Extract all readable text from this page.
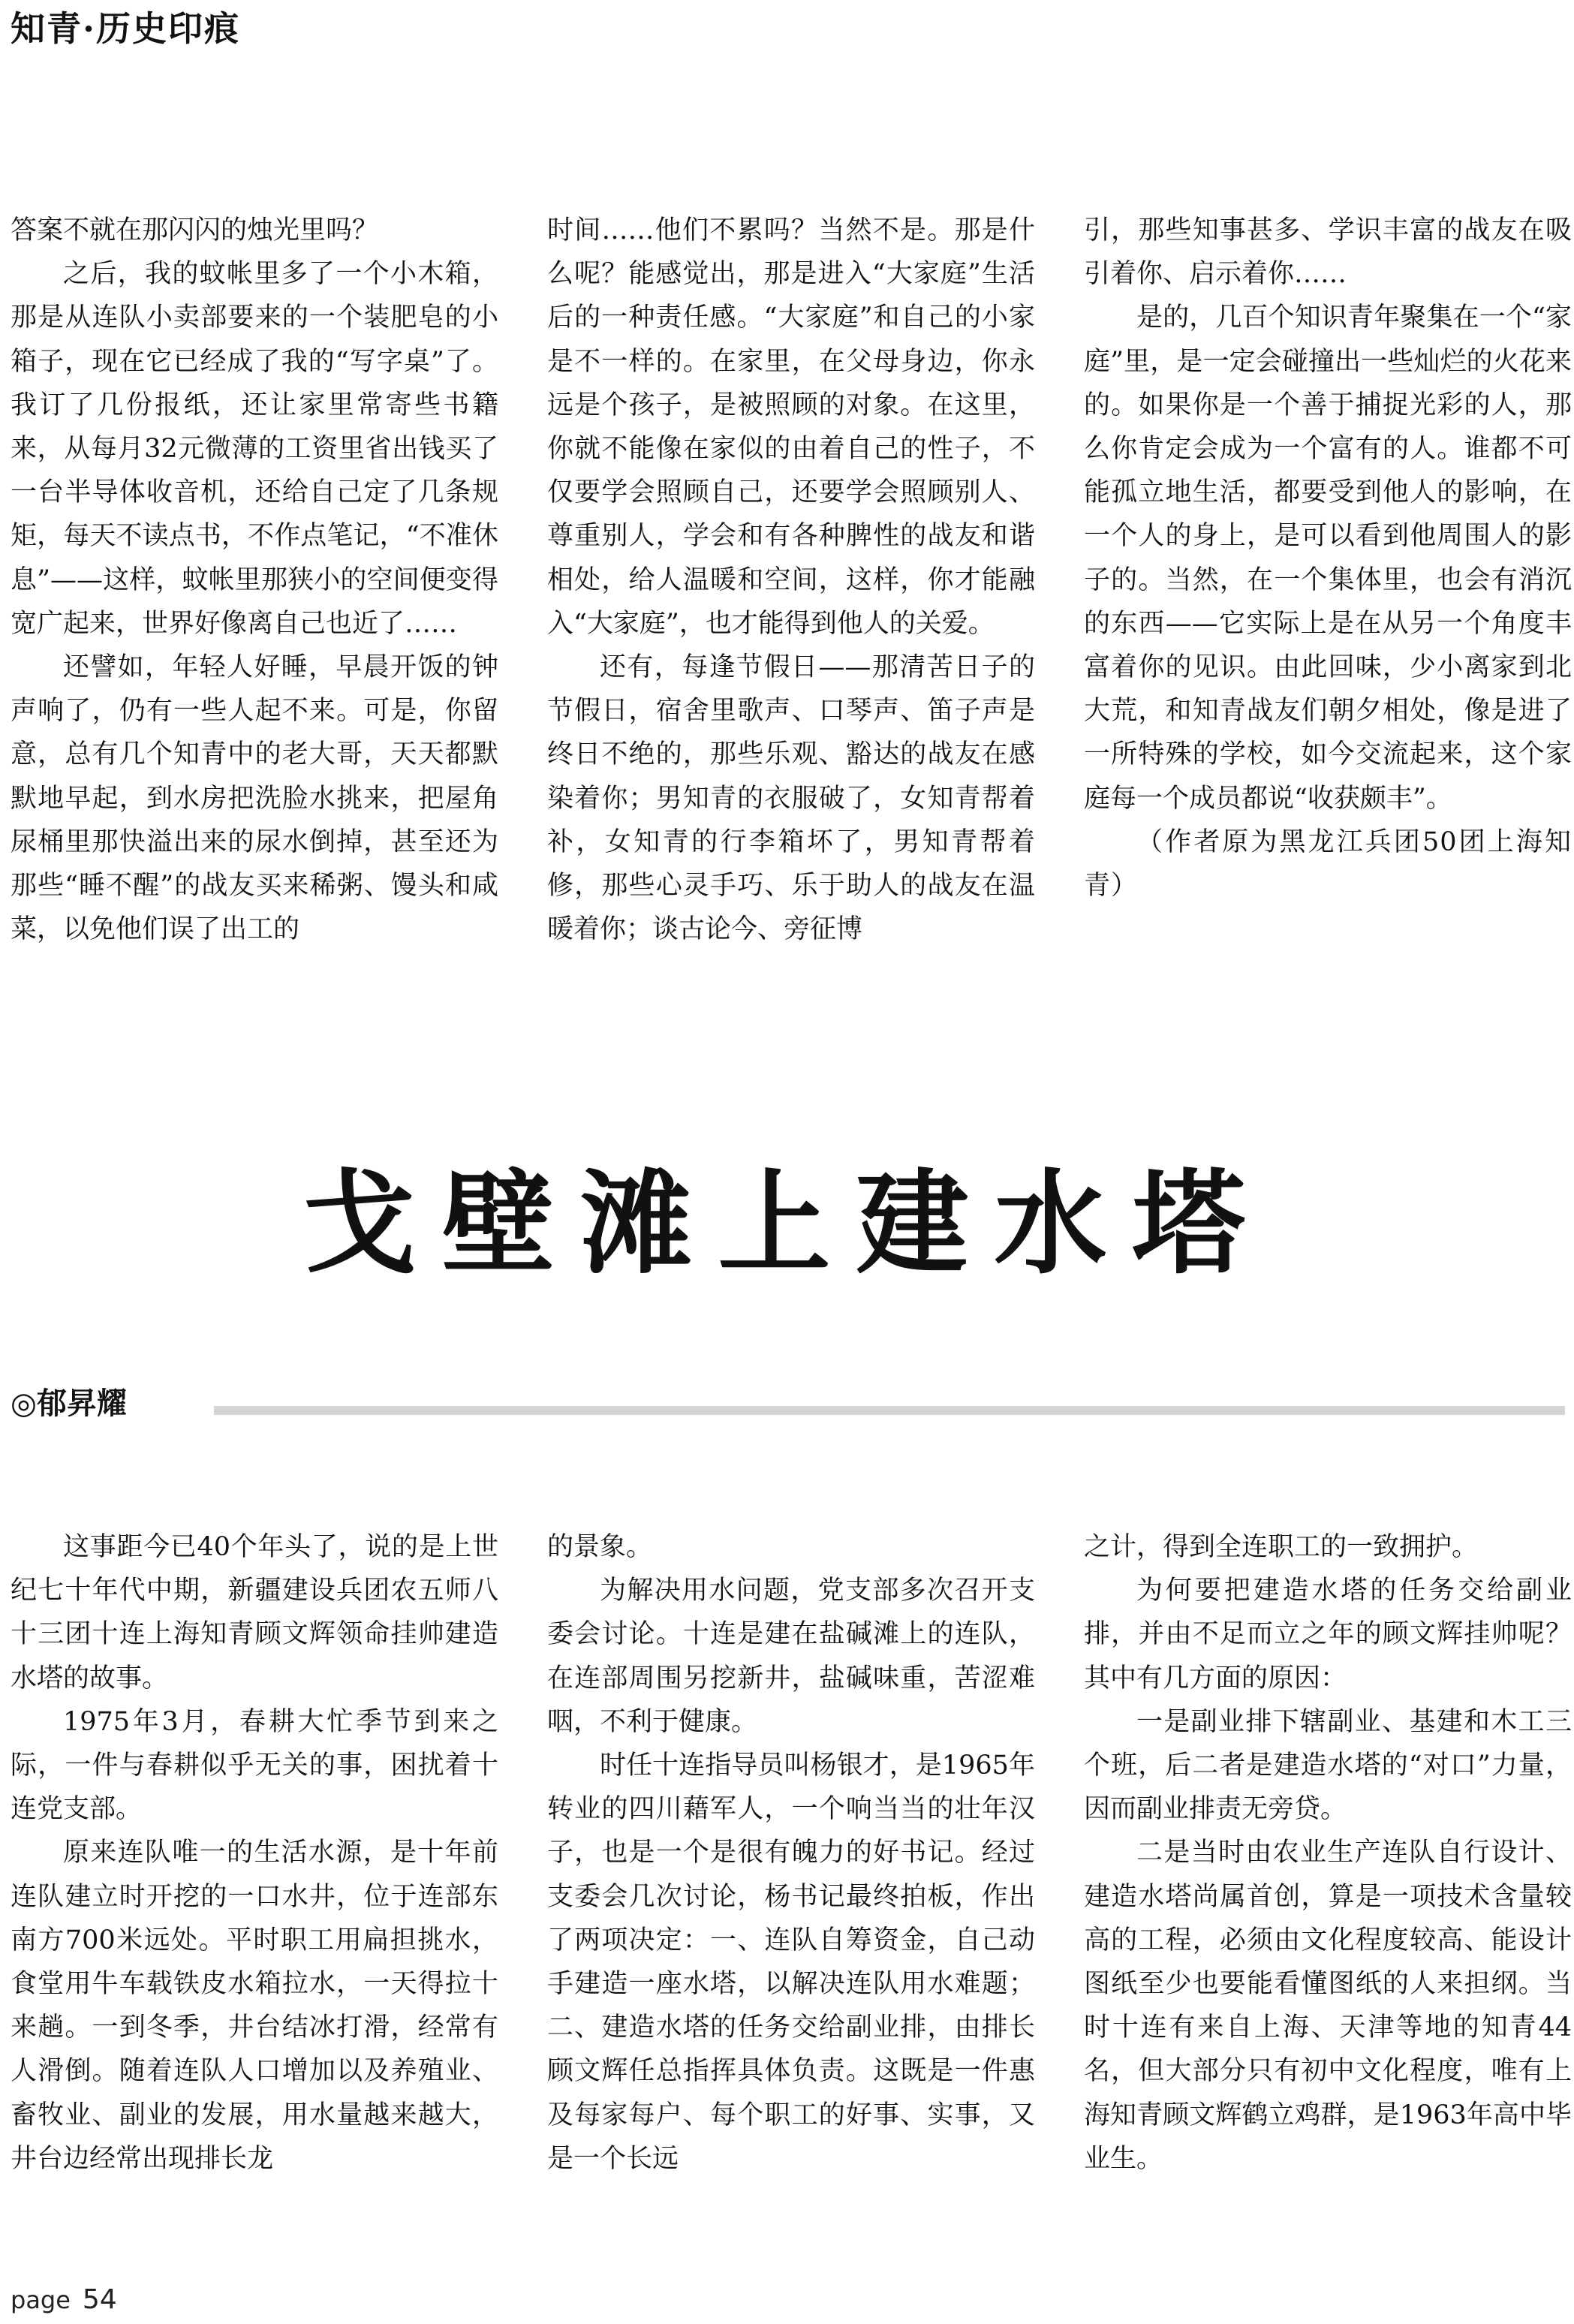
知青·历史印痕

答案不就在那闪闪的烛光里吗？

之后，我的蚊帐里多了一个小木箱，那是从连队小卖部要来的一个装肥皂的小箱子，现在它已经成了我的“写字桌”了。我订了几份报纸，还让家里常寄些书籍来，从每月32元微薄的工资里省出钱买了一台半导体收音机，还给自己定了几条规矩，每天不读点书，不作点笔记，“不准休息”——这样，蚊帐里那狭小的空间便变得宽广起来，世界好像离自己也近了……

还譬如，年轻人好睡，早晨开饭的钟声响了，仍有一些人起不来。可是，你留意，总有几个知青中的老大哥，天天都默默地早起，到水房把洗脸水挑来，把屋角尿桶里那快溢出来的尿水倒掉，甚至还为那些“睡不醒”的战友买来稀粥、馒头和咸菜，以免他们误了出工的

时间……他们不累吗？当然不是。那是什么呢？能感觉出，那是进入“大家庭”生活后的一种责任感。“大家庭”和自己的小家是不一样的。在家里，在父母身边，你永远是个孩子，是被照顾的对象。在这里，你就不能像在家似的由着自己的性子，不仅要学会照顾自己，还要学会照顾别人、尊重别人，学会和有各种脾性的战友和谐相处，给人温暖和空间，这样，你才能融入“大家庭”，也才能得到他人的关爱。

还有，每逢节假日——那清苦日子的节假日，宿舍里歌声、口琴声、笛子声是终日不绝的，那些乐观、豁达的战友在感染着你；男知青的衣服破了，女知青帮着补，女知青的行李箱坏了，男知青帮着修，那些心灵手巧、乐于助人的战友在温暖着你；谈古论今、旁征博

引，那些知事甚多、学识丰富的战友在吸引着你、启示着你……

是的，几百个知识青年聚集在一个“家庭”里，是一定会碰撞出一些灿烂的火花来的。如果你是一个善于捕捉光彩的人，那么你肯定会成为一个富有的人。谁都不可能孤立地生活，都要受到他人的影响，在一个人的身上，是可以看到他周围人的影子的。当然，在一个集体里，也会有消沉的东西——它实际上是在从另一个角度丰富着你的见识。由此回味，少小离家到北大荒，和知青战友们朝夕相处，像是进了一所特殊的学校，如今交流起来，这个家庭每一个成员都说“收获颇丰”。

（作者原为黑龙江兵团50团上海知青）

戈壁滩上建水塔
◎郁昇耀

这事距今已40个年头了，说的是上世纪七十年代中期，新疆建设兵团农五师八十三团十连上海知青顾文辉领命挂帅建造水塔的故事。

1975年3月，春耕大忙季节到来之际，一件与春耕似乎无关的事，困扰着十连党支部。

原来连队唯一的生活水源，是十年前连队建立时开挖的一口水井，位于连部东南方700米远处。平时职工用扁担挑水，食堂用牛车载铁皮水箱拉水，一天得拉十来趟。一到冬季，井台结冰打滑，经常有人滑倒。随着连队人口增加以及养殖业、畜牧业、副业的发展，用水量越来越大，井台边经常出现排长龙

的景象。

为解决用水问题，党支部多次召开支委会讨论。十连是建在盐碱滩上的连队，在连部周围另挖新井，盐碱味重，苦涩难咽，不利于健康。

时任十连指导员叫杨银才，是1965年转业的四川藉军人，一个响当当的壮年汉子，也是一个是很有魄力的好书记。经过支委会几次讨论，杨书记最终拍板，作出了两项决定：一、连队自筹资金，自己动手建造一座水塔，以解决连队用水难题；二、建造水塔的任务交给副业排，由排长顾文辉任总指挥具体负责。这既是一件惠及每家每户、每个职工的好事、实事，又是一个长远

之计，得到全连职工的一致拥护。

为何要把建造水塔的任务交给副业排，并由不足而立之年的顾文辉挂帅呢？其中有几方面的原因：

一是副业排下辖副业、基建和木工三个班，后二者是建造水塔的“对口”力量，因而副业排责无旁贷。

二是当时由农业生产连队自行设计、建造水塔尚属首创，算是一项技术含量较高的工程，必须由文化程度较高、能设计图纸至少也要能看懂图纸的人来担纲。当时十连有来自上海、天津等地的知青44名，但大部分只有初中文化程度，唯有上海知青顾文辉鹤立鸡群，是1963年高中毕业生。

page 54
